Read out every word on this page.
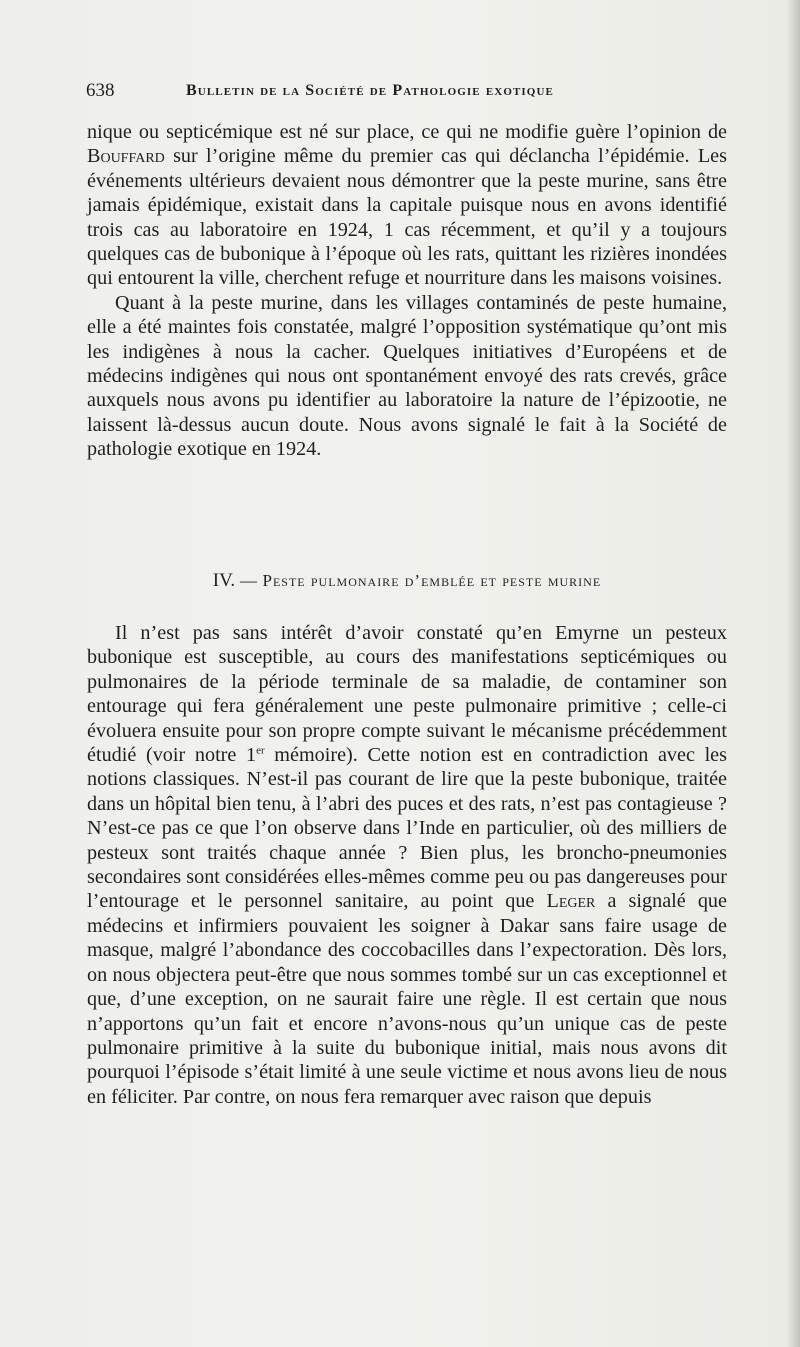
638	Bulletin de la Société de Pathologie exotique

nique ou septicémique est né sur place, ce qui ne modifie guère l’opinion de Bouffard sur l’origine même du premier cas qui déclancha l’épidémie. Les événements ultérieurs devaient nous démontrer que la peste murine, sans être jamais épidémique, existait dans la capitale puisque nous en avons identifié trois cas au laboratoire en 1924, 1 cas récemment, et qu’il y a toujours quelques cas de bubonique à l’époque où les rats, quittant les rizières inondées qui entourent la ville, cherchent refuge et nourriture dans les maisons voisines.

Quant à la peste murine, dans les villages contaminés de peste humaine, elle a été maintes fois constatée, malgré l’opposition systématique qu’ont mis les indigènes à nous la cacher. Quelques initiatives d’Européens et de médecins indigènes qui nous ont spontanément envoyé des rats crevés, grâce auxquels nous avons pu identifier au laboratoire la nature de l’épizootie, ne laissent là-dessus aucun doute. Nous avons signalé le fait à la Société de pathologie exotique en 1924.

IV. — Peste pulmonaire d’emblée et peste murine

Il n’est pas sans intérêt d’avoir constaté qu’en Emyrne un pesteux bubonique est susceptible, au cours des manifestations septicémiques ou pulmonaires de la période terminale de sa maladie, de contaminer son entourage qui fera généralement une peste pulmonaire primitive ; celle-ci évoluera ensuite pour son propre compte suivant le mécanisme précédemment étudié (voir notre 1er mémoire). Cette notion est en contradiction avec les notions classiques. N’est-il pas courant de lire que la peste bubonique, traitée dans un hôpital bien tenu, à l’abri des puces et des rats, n’est pas contagieuse ? N’est-ce pas ce que l’on observe dans l’Inde en particulier, où des milliers de pesteux sont traités chaque année ? Bien plus, les broncho-pneumonies secondaires sont considérées elles-mêmes comme peu ou pas dangereuses pour l’entourage et le personnel sanitaire, au point que Leger a signalé que médecins et infirmiers pouvaient les soigner à Dakar sans faire usage de masque, malgré l’abondance des coccobacilles dans l’expectoration. Dès lors, on nous objectera peut-être que nous sommes tombé sur un cas exceptionnel et que, d’une exception, on ne saurait faire une règle. Il est certain que nous n’apportons qu’un fait et encore n’avons-nous qu’un unique cas de peste pulmonaire primitive à la suite du bubonique initial, mais nous avons dit pourquoi l’épisode s’était limité à une seule victime et nous avons lieu de nous en féliciter. Par contre, on nous fera remarquer avec raison que depuis
